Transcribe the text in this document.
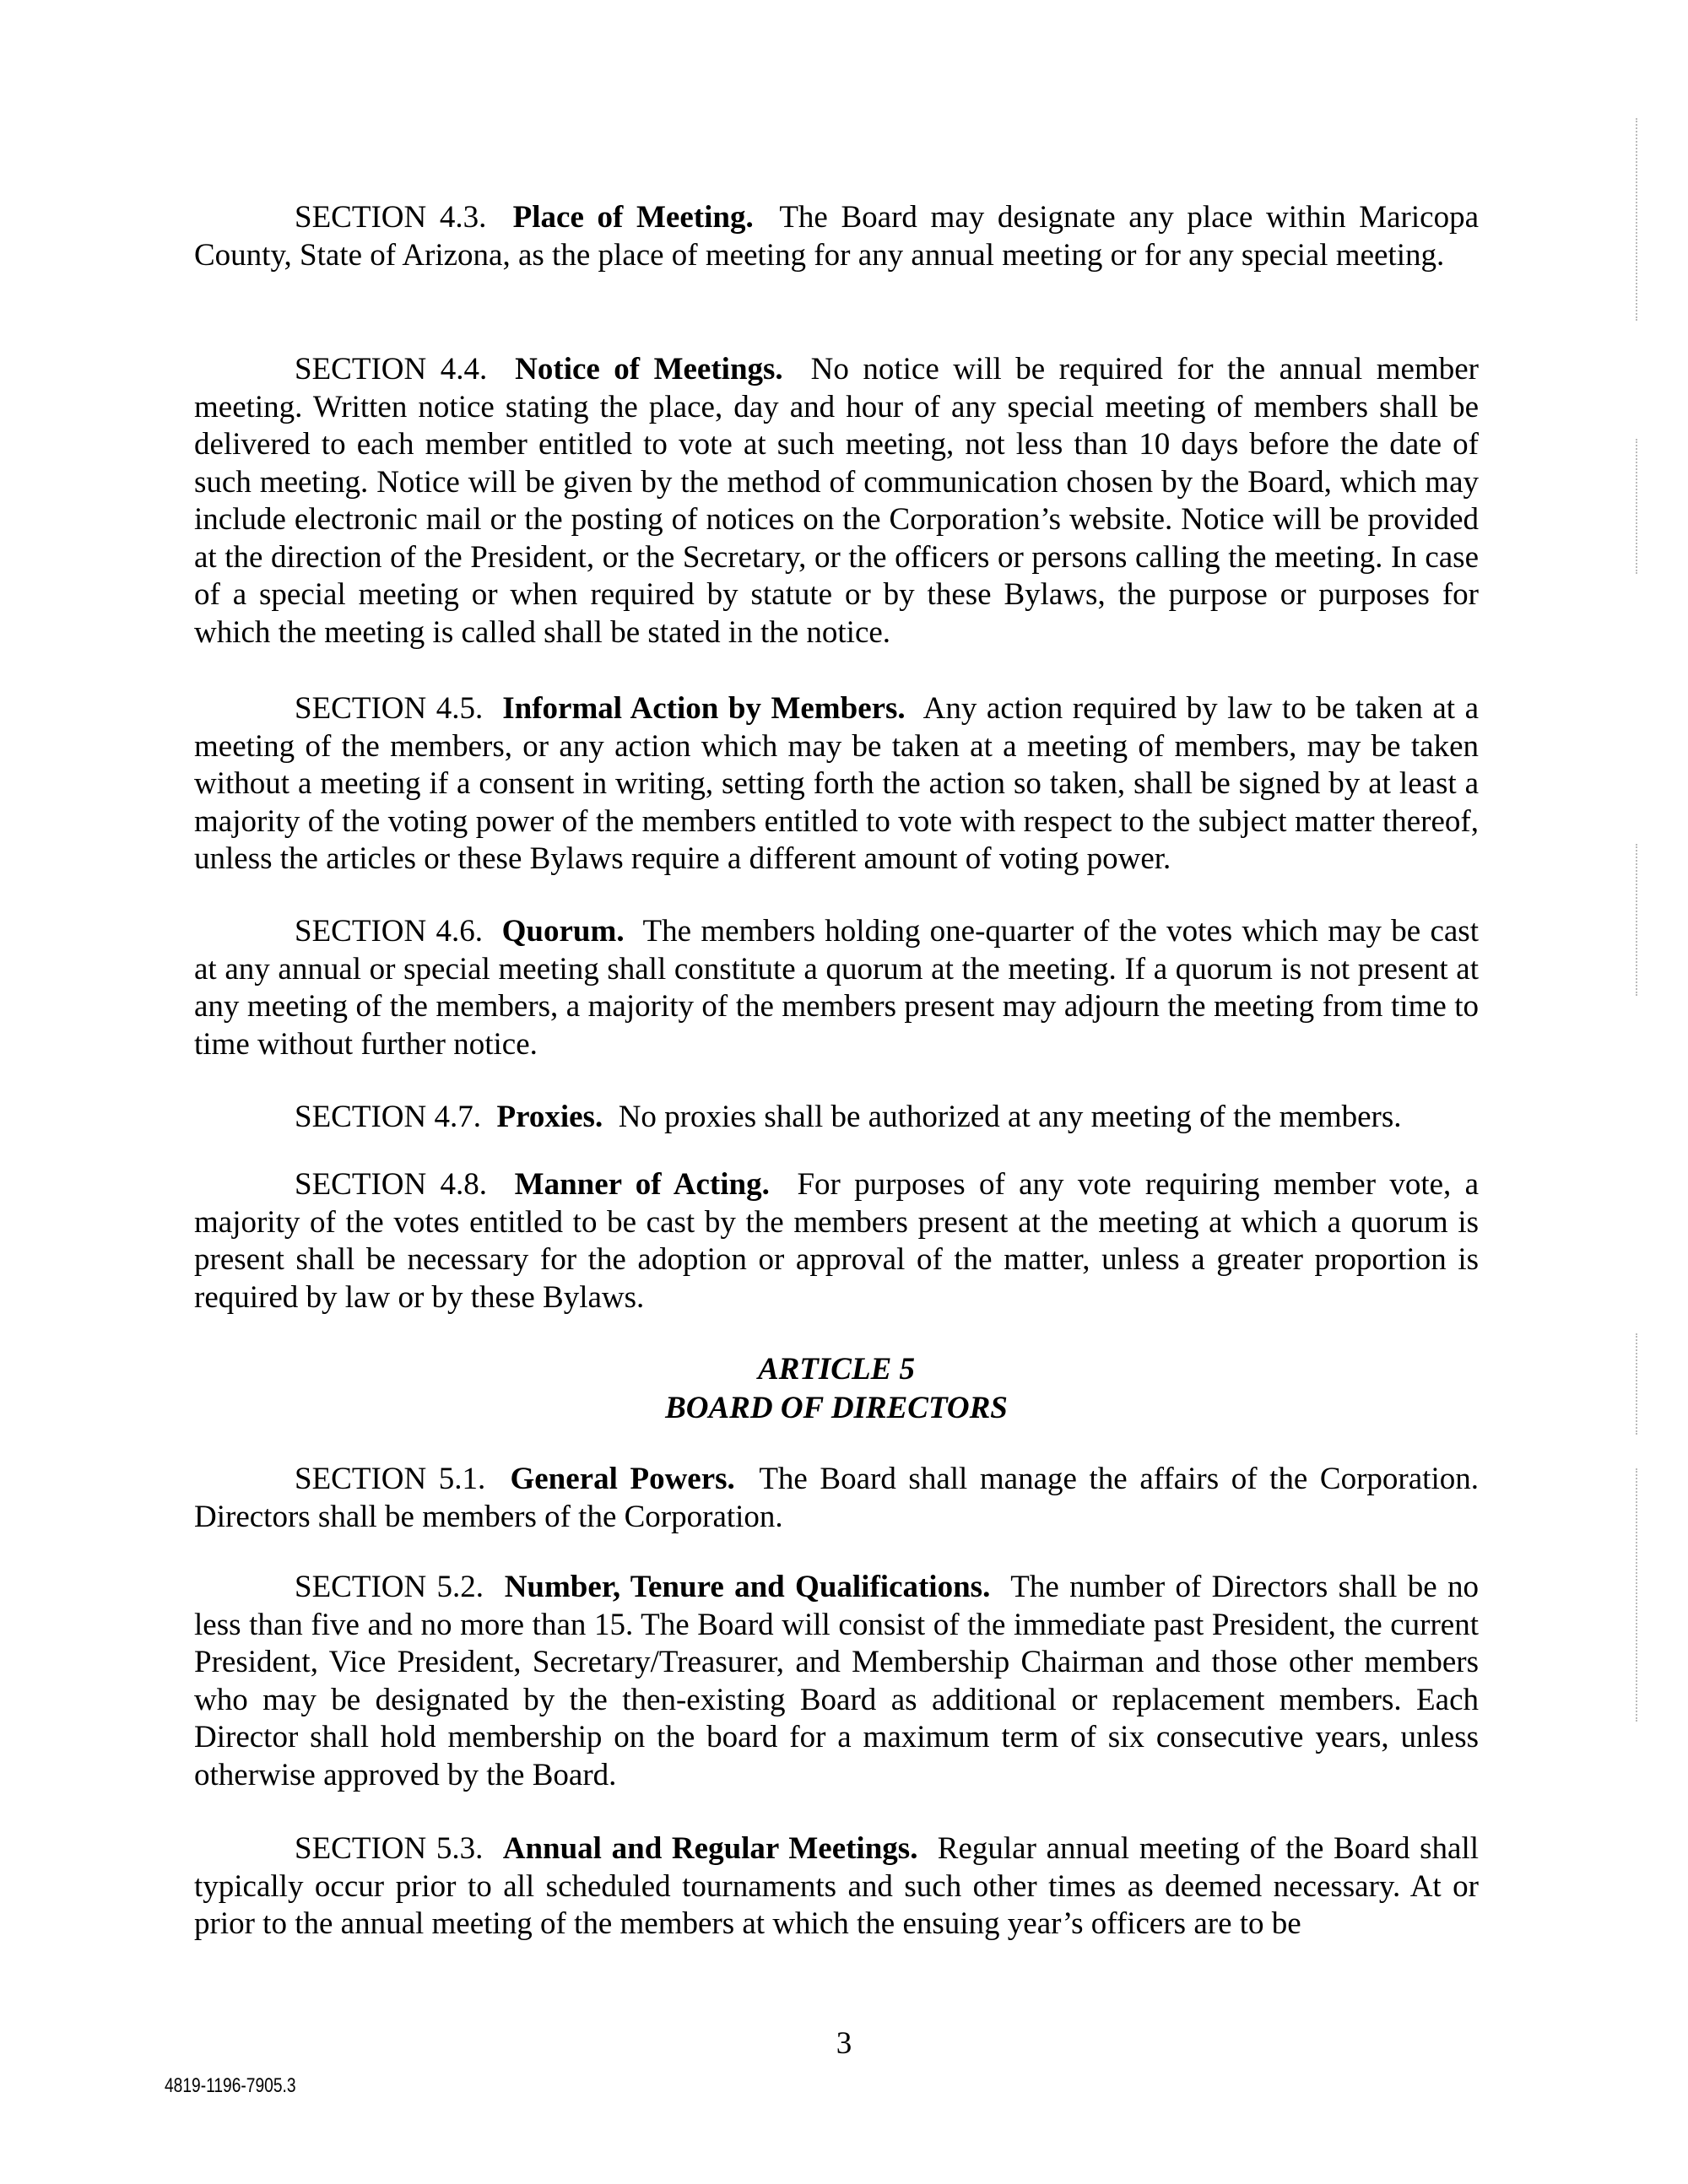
SECTION 4.3. Place of Meeting. The Board may designate any place within Maricopa County, State of Arizona, as the place of meeting for any annual meeting or for any special meeting.

SECTION 4.4. Notice of Meetings. No notice will be required for the annual member meeting. Written notice stating the place, day and hour of any special meeting of members shall be delivered to each member entitled to vote at such meeting, not less than 10 days before the date of such meeting. Notice will be given by the method of communication chosen by the Board, which may include electronic mail or the posting of notices on the Corporation’s website. Notice will be provided at the direction of the President, or the Secretary, or the officers or persons calling the meeting. In case of a special meeting or when required by statute or by these Bylaws, the purpose or purposes for which the meeting is called shall be stated in the notice.

SECTION 4.5. Informal Action by Members. Any action required by law to be taken at a meeting of the members, or any action which may be taken at a meeting of members, may be taken without a meeting if a consent in writing, setting forth the action so taken, shall be signed by at least a majority of the voting power of the members entitled to vote with respect to the subject matter thereof, unless the articles or these Bylaws require a different amount of voting power.

SECTION 4.6. Quorum. The members holding one-quarter of the votes which may be cast at any annual or special meeting shall constitute a quorum at the meeting. If a quorum is not present at any meeting of the members, a majority of the members present may adjourn the meeting from time to time without further notice.

SECTION 4.7. Proxies. No proxies shall be authorized at any meeting of the members.

SECTION 4.8. Manner of Acting. For purposes of any vote requiring member vote, a majority of the votes entitled to be cast by the members present at the meeting at which a quorum is present shall be necessary for the adoption or approval of the matter, unless a greater proportion is required by law or by these Bylaws.

ARTICLE 5
BOARD OF DIRECTORS

SECTION 5.1. General Powers. The Board shall manage the affairs of the Corporation. Directors shall be members of the Corporation.

SECTION 5.2. Number, Tenure and Qualifications. The number of Directors shall be no less than five and no more than 15. The Board will consist of the immediate past President, the current President, Vice President, Secretary/Treasurer, and Membership Chairman and those other members who may be designated by the then-existing Board as additional or replacement members. Each Director shall hold membership on the board for a maximum term of six consecutive years, unless otherwise approved by the Board.

SECTION 5.3. Annual and Regular Meetings. Regular annual meeting of the Board shall typically occur prior to all scheduled tournaments and such other times as deemed necessary. At or prior to the annual meeting of the members at which the ensuing year’s officers are to be

3
4819-1196-7905.3
